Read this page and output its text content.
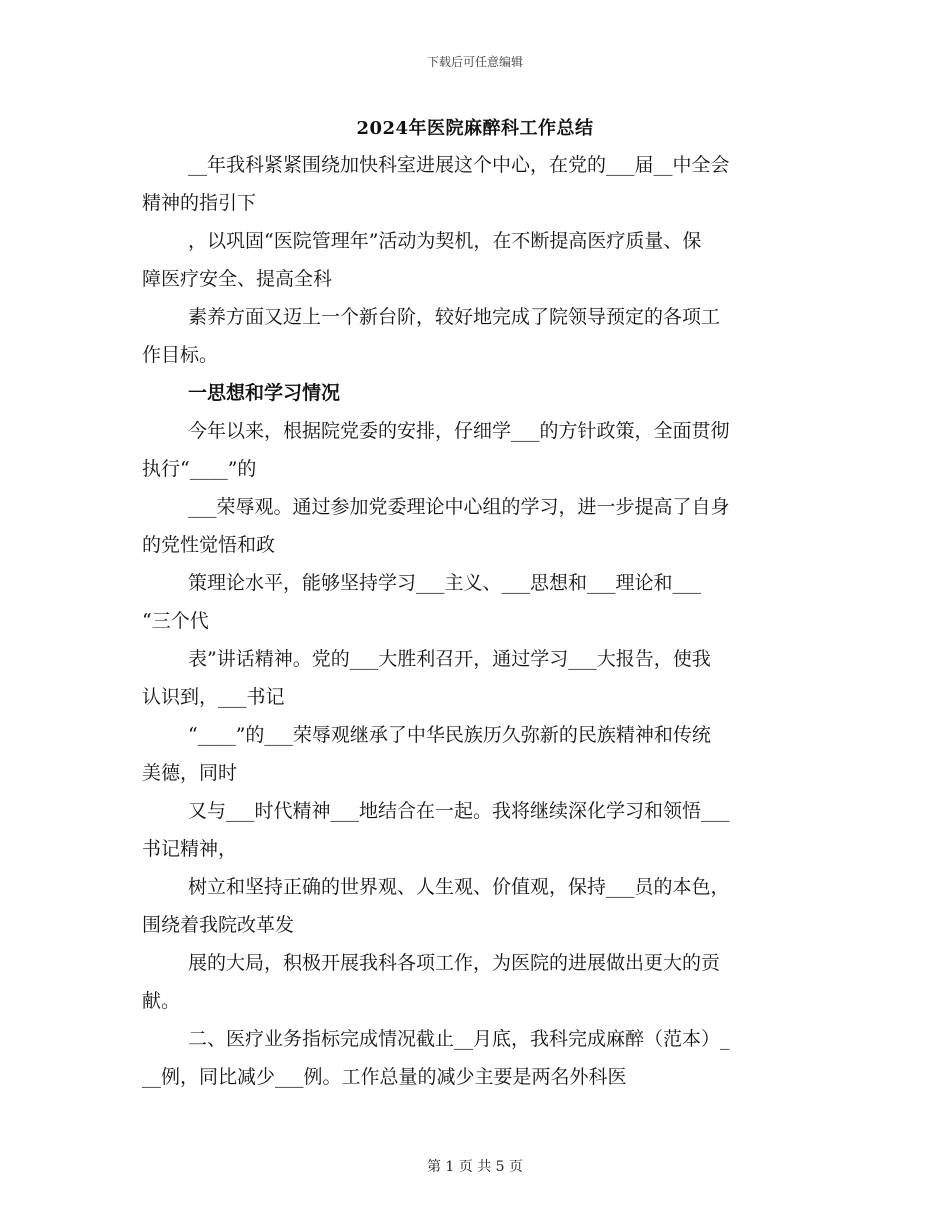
下载后可任意编辑
2024年医院麻醉科工作总结
__年我科紧紧围绕加快科室进展这个中心，在党的___届__中全会
精神的指引下
，以巩固“医院管理年”活动为契机，在不断提高医疗质量、保
障医疗安全、提高全科
素养方面又迈上一个新台阶，较好地完成了院领导预定的各项工
作目标。
一思想和学习情况
今年以来，根据院党委的安排，仔细学___的方针政策，全面贯彻
执行“____”的
___荣辱观。通过参加党委理论中心组的学习，进一步提高了自身
的党性觉悟和政
策理论水平，能够坚持学习___主义、___思想和___理论和___
“三个代
表”讲话精神。党的___大胜利召开，通过学习___大报告，使我
认识到，___书记
“____”的___荣辱观继承了中华民族历久弥新的民族精神和传统
美德，同时
又与___时代精神___地结合在一起。我将继续深化学习和领悟___
书记精神，
树立和坚持正确的世界观、人生观、价值观，保持___员的本色，
围绕着我院改革发
展的大局，积极开展我科各项工作，为医院的进展做出更大的贡
献。
二、医疗业务指标完成情况截止__月底，我科完成麻醉（范本）_
__例，同比减少___例。工作总量的减少主要是两名外科医
第 1 页 共 5 页
